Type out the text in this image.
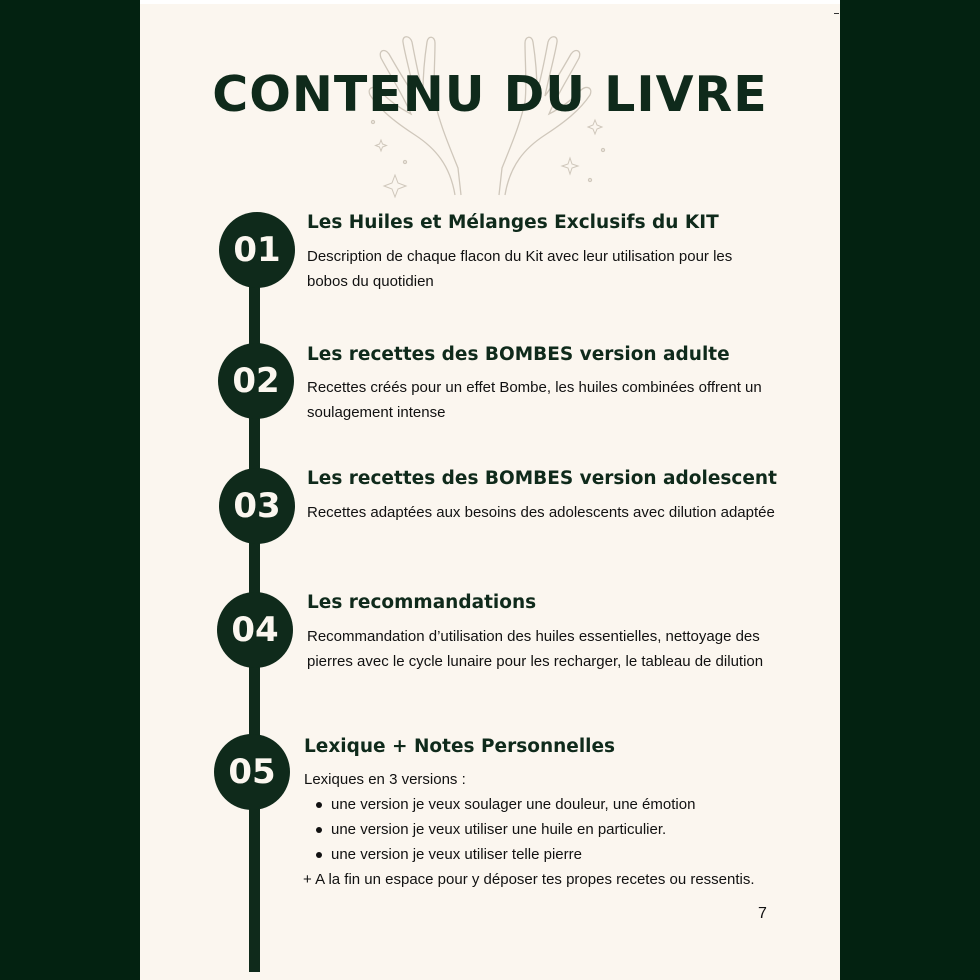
CONTENU DU LIVRE
01
Les Huiles et Mélanges Exclusifs du KIT

Description de chaque flacon du Kit avec leur utilisation pour les
bobos du quotidien

02
Les recettes des BOMBES version adulte

Recettes créés pour un effet Bombe, les huiles combinées offrent un
soulagement intense

03
Les recettes des BOMBES version adolescent

Recettes adaptées aux besoins des adolescents avec dilution adaptée

04
Les recommandations

Recommandation d’utilisation des huiles essentielles, nettoyage des
pierres avec le cycle lunaire pour les recharger, le tableau de dilution

05
Lexique + Notes Personnelles

Lexiques en 3 versions :

une version je veux soulager une douleur, une émotion
une version je veux utiliser une huile en particulier.
une version je veux utiliser telle pierre

+ A la fin un espace pour y déposer tes propes recetes ou ressentis.

7
